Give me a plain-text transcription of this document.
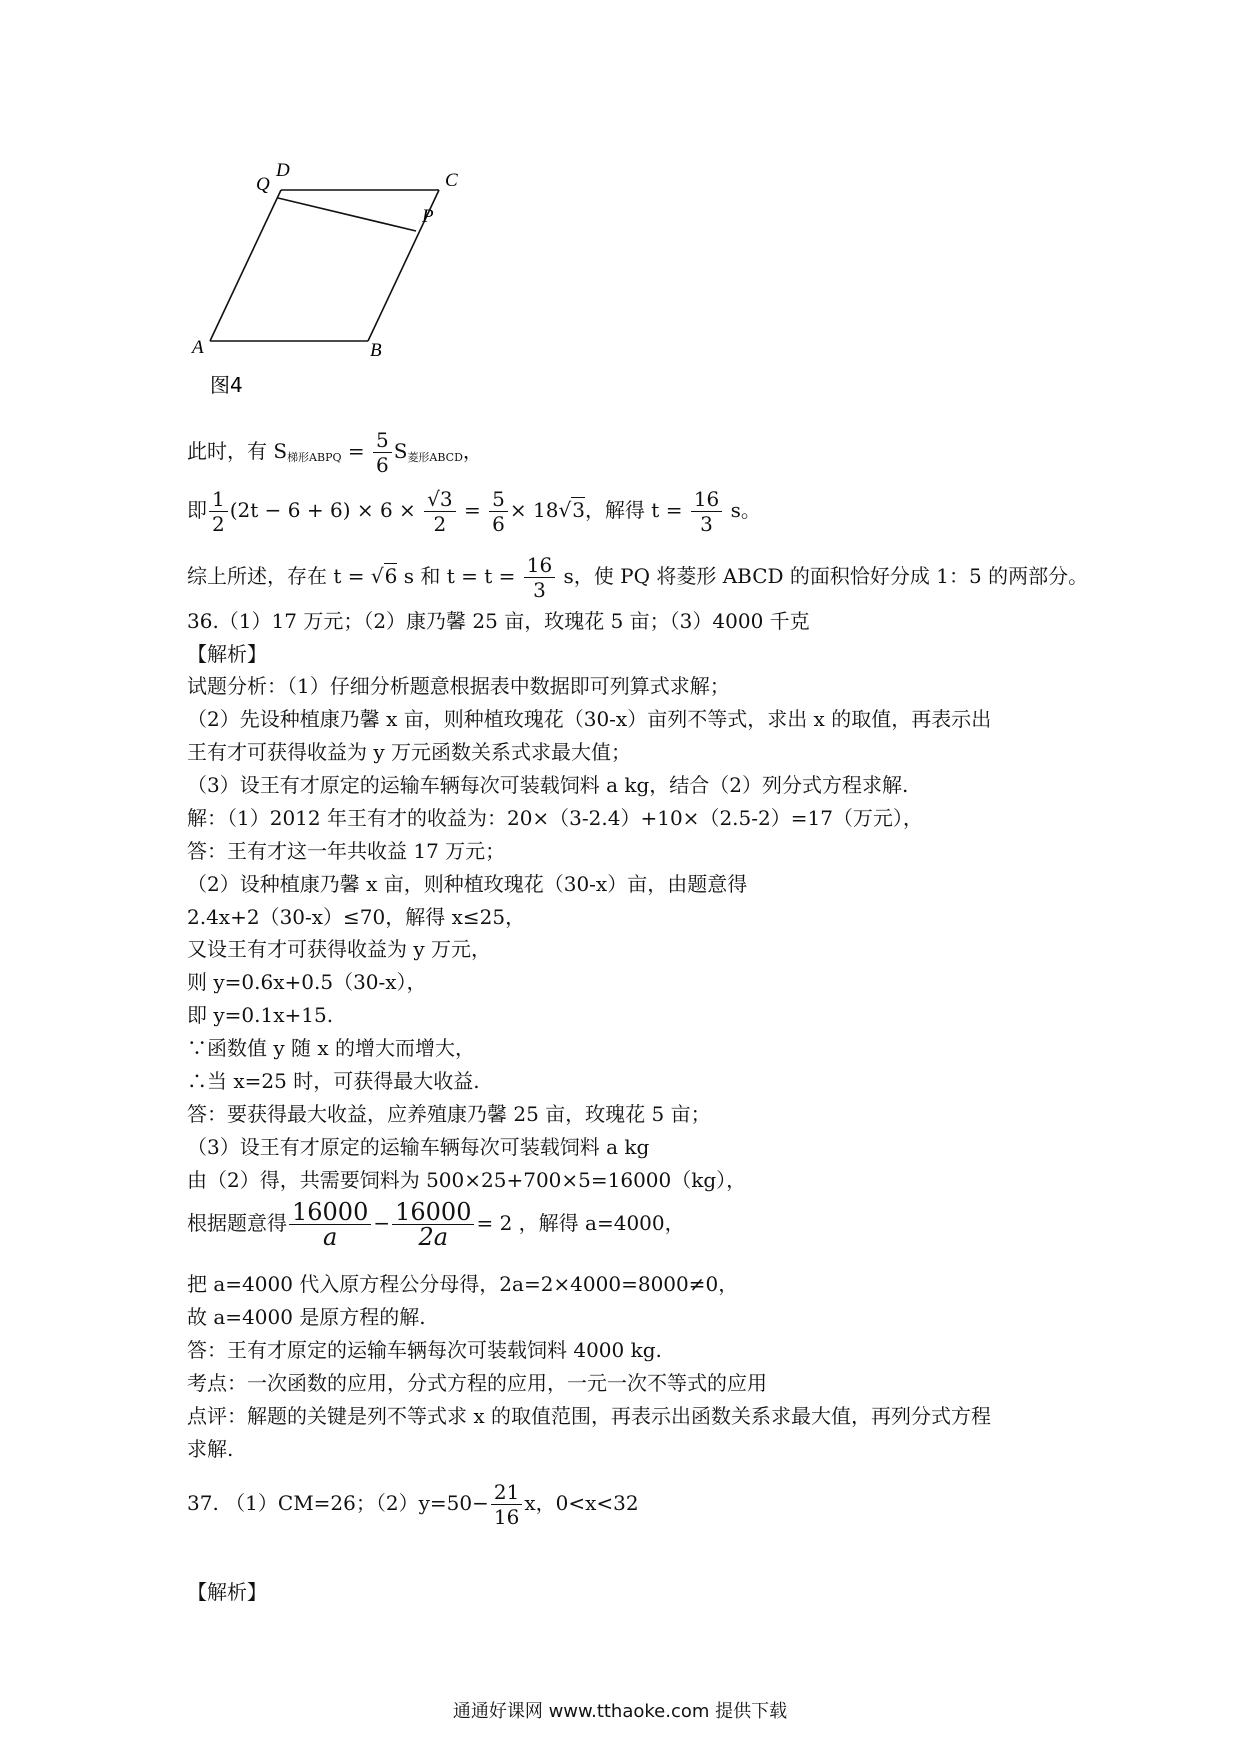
A	B
C
D
Q
P
图4
此时，有 $S_{梯形ABPQ} = \frac{5}{6} S_{菱形ABCD}$，
即 $\frac{1}{2} (2t - 6 + 6) \times 6 \times \frac{√3}{2} = \frac{5}{6} \times 18√3$，解得 $t = \frac{16}{3}$ s。
综上所述，存在 t = √6 s 和 $t = t = \frac{16}{3}$ s，使 PQ 将菱形 ABCD 的面积恰好分成 1：5 的两部分。
36.（1）17 万元；（2）康乃馨 25 亩，玫瑰花 5 亩；（3）4000 千克
【解析】
试题分析：（1）仔细分析题意根据表中数据即可列算式求解；
（2）先设种植康乃馨 x 亩，则种植玫瑰花（30-x）亩列不等式，求出 x 的取值，再表示出
王有才可获得收益为 y 万元函数关系式求最大值；
（3）设王有才原定的运输车辆每次可装载饲料 a kg，结合（2）列分式方程求解.
解：（1）2012 年王有才的收益为：20×（3-2.4）+10×（2.5-2）=17（万元），
答：王有才这一年共收益 17 万元；
（2）设种植康乃馨 x 亩，则种植玫瑰花（30-x）亩，由题意得
2.4x+2（30-x）≤70，解得 x≤25，
又设王有才可获得收益为 y 万元，
则 y=0.6x+0.5（30-x），
即 y=0.1x+15.
∵函数值 y 随 x 的增大而增大，
∴当 x=25 时，可获得最大收益.
答：要获得最大收益，应养殖康乃馨 25 亩，玫瑰花 5 亩；
（3）设王有才原定的运输车辆每次可装载饲料 a kg
由（2）得，共需要饲料为 500×25+700×5=16000（kg），
根据题意得 $\frac{16000}{a} - \frac{16000}{2a} = 2$ ，解得 a=4000，
把 a=4000 代入原方程公分母得，2a=2×4000=8000≠0，
故 a=4000 是原方程的解.
答：王有才原定的运输车辆每次可装载饲料 4000 kg.
考点：一次函数的应用，分式方程的应用，一元一次不等式的应用
点评：解题的关键是列不等式求 x 的取值范围，再表示出函数关系求最大值，再列分式方程
求解.
37. （1）CM=26；$(2)y=50- \frac{21}{16}$ x，0<x<32
【解析】
通通好课网 www.tthaoke.com 提供下载
